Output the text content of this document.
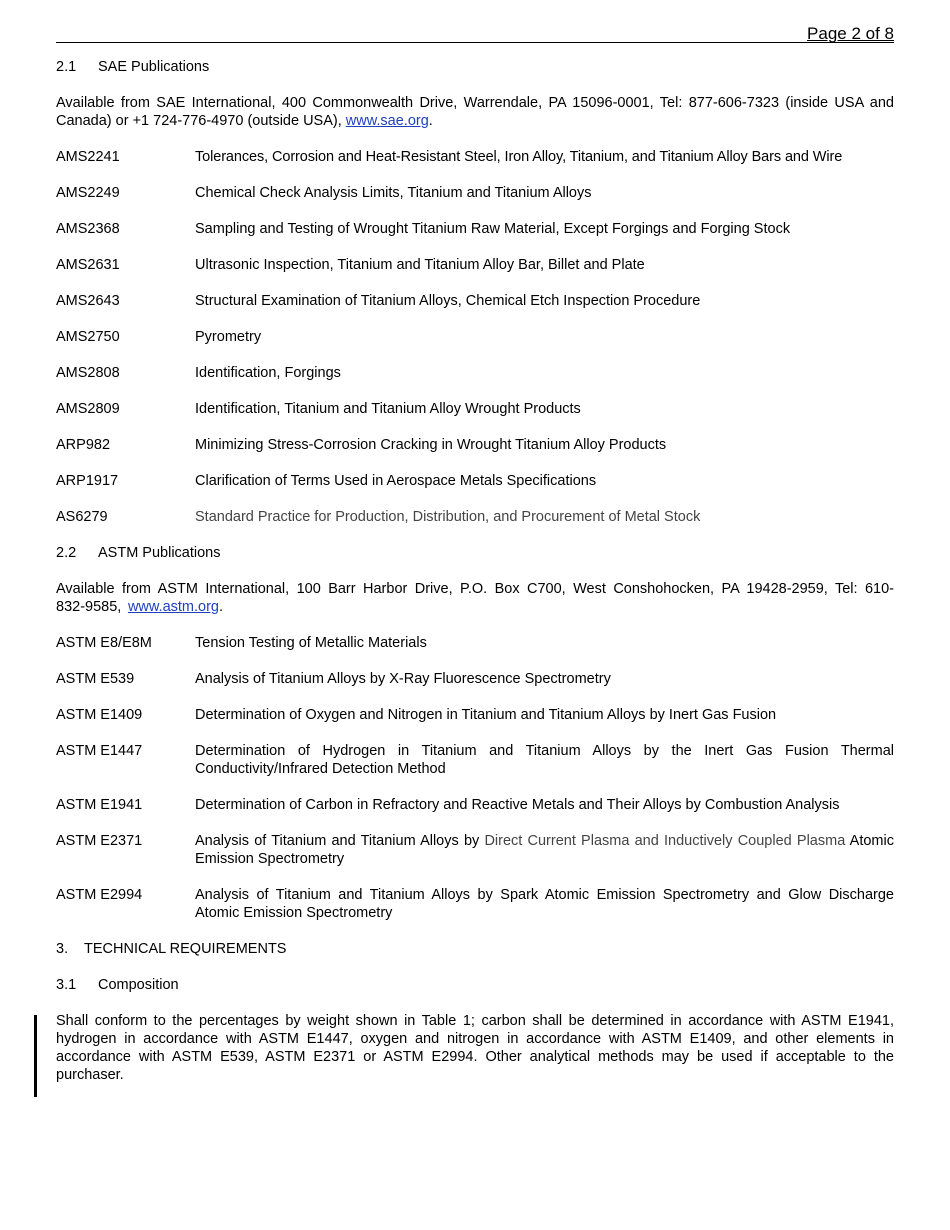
Page 2 of 8
2.1	SAE Publications

Available from SAE International, 400 Commonwealth Drive, Warrendale, PA 15096-0001, Tel: 877-606-7323 (inside USA and Canada) or +1 724-776-4970 (outside USA), www.sae.org.

AMS2241	Tolerances, Corrosion and Heat-Resistant Steel, Iron Alloy, Titanium, and Titanium Alloy Bars and Wire
AMS2249	Chemical Check Analysis Limits, Titanium and Titanium Alloys
AMS2368	Sampling and Testing of Wrought Titanium Raw Material, Except Forgings and Forging Stock
AMS2631	Ultrasonic Inspection, Titanium and Titanium Alloy Bar, Billet and Plate
AMS2643	Structural Examination of Titanium Alloys, Chemical Etch Inspection Procedure
AMS2750	Pyrometry
AMS2808	Identification, Forgings
AMS2809	Identification, Titanium and Titanium Alloy Wrought Products
ARP982	Minimizing Stress-Corrosion Cracking in Wrought Titanium Alloy Products
ARP1917	Clarification of Terms Used in Aerospace Metals Specifications
AS6279	Standard Practice for Production, Distribution, and Procurement of Metal Stock
2.2	ASTM Publications

Available from ASTM International, 100 Barr Harbor Drive, P.O. Box C700, West Conshohocken, PA 19428-2959, Tel: 610-832-9585, www.astm.org.

ASTM E8/E8M	Tension Testing of Metallic Materials
ASTM E539	Analysis of Titanium Alloys by X-Ray Fluorescence Spectrometry
ASTM E1409	Determination of Oxygen and Nitrogen in Titanium and Titanium Alloys by Inert Gas Fusion
ASTM E1447	Determination of Hydrogen in Titanium and Titanium Alloys by the Inert Gas Fusion Thermal Conductivity/Infrared Detection Method
ASTM E1941	Determination of Carbon in Refractory and Reactive Metals and Their Alloys by Combustion Analysis
ASTM E2371	Analysis of Titanium and Titanium Alloys by Direct Current Plasma and Inductively Coupled Plasma Atomic Emission Spectrometry
ASTM E2994	Analysis of Titanium and Titanium Alloys by Spark Atomic Emission Spectrometry and Glow Discharge Atomic Emission Spectrometry
3.	TECHNICAL REQUIREMENTS
3.1	Composition

Shall conform to the percentages by weight shown in Table 1; carbon shall be determined in accordance with ASTM E1941, hydrogen in accordance with ASTM E1447, oxygen and nitrogen in accordance with ASTM E1409, and other elements in accordance with ASTM E539, ASTM E2371 or ASTM E2994. Other analytical methods may be used if acceptable to the purchaser.
